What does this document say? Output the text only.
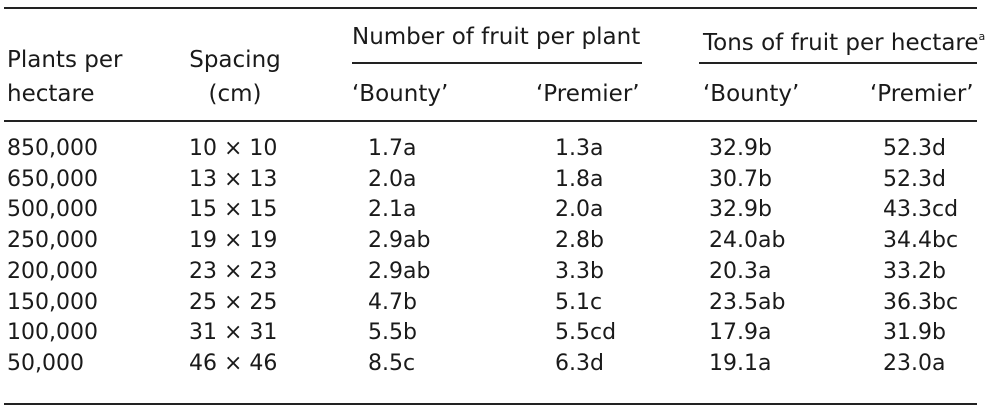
Plants per
hectare
Spacing
(cm)
Number of fruit per plant	Tons of fruit per hectare$^a$
‘Bounty’	‘Premier’	‘Bounty’	‘Premier’
850,000	10 × 10	1.7a	1.3a	32.9b	52.3d
650,000	13 × 13	2.0a	1.8a	30.7b	52.3d
500,000	15 × 15	2.1a	2.0a	32.9b	43.3cd
250,000	19 × 19	2.9ab	2.8b	24.0ab	34.4bc
200,000	23 × 23	2.9ab	3.3b	20.3a	33.2b
150,000	25 × 25	4.7b	5.1c	23.5ab	36.3bc
100,000	31 × 31	5.5b	5.5cd	17.9a	31.9b
50,000	46 × 46	8.5c	6.3d	19.1a	23.0a
